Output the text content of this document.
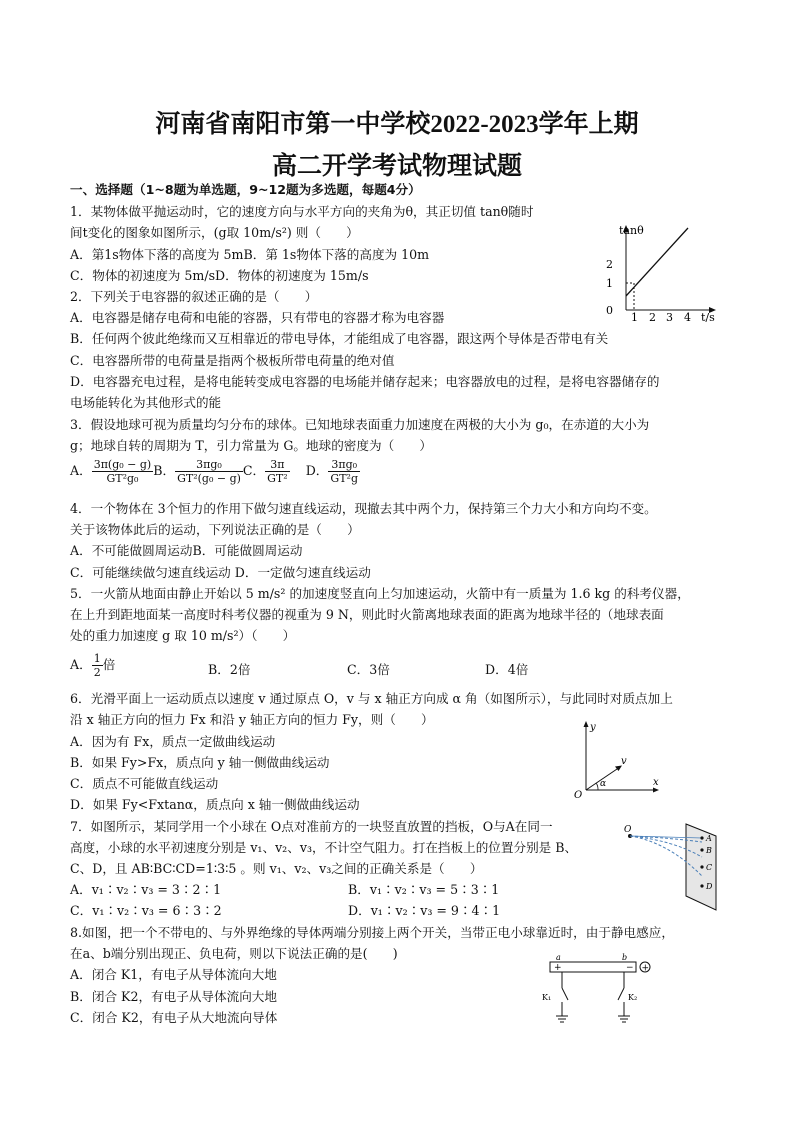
河南省南阳市第一中学校2022-2023学年上期
高二开学考试物理试题
一、选择题（1~8题为单选题，9~12题为多选题，每题4分）
1．某物体做平抛运动时，它的速度方向与水平方向的夹角为θ，其正切值 tanθ随时
间t变化的图象如图所示，(g取 10m/s²) 则（　　）
A．第1s物体下落的高度为 5mB．第 1s物体下落的高度为 10m
C．物体的初速度为 5m/sD．物体的初速度为 15m/s
tanθ
2
1
0
1 2 3 4 t/s
2．下列关于电容器的叙述正确的是（　　）
A．电容器是储存电荷和电能的容器，只有带电的容器才称为电容器
B．任何两个彼此绝缘而又互相靠近的带电导体，才能组成了电容器，跟这两个导体是否带电有关
C．电容器所带的电荷量是指两个极板所带电荷量的绝对值
D．电容器充电过程，是将电能转变成电容器的电场能并储存起来；电容器放电的过程，是将电容器储存的
电场能转化为其他形式的能
3．假设地球可视为质量均匀分布的球体。已知地球表面重力加速度在两极的大小为 g₀，在赤道的大小为
g；地球自转的周期为 T，引力常量为 G。地球的密度为（　　）
A． $\frac{\text{3π(g₀ − g)}}{\text{GT²g₀}}$ B． $\frac{\text{3πg₀}}{\text{GT²(g₀ − g)}}$ C． $\frac{3\pi}{\text{GT²}}$ D． $\frac{\text{3πg₀}}{\text{GT²g}}$
4．一个物体在 3个恒力的作用下做匀速直线运动，现撤去其中两个力，保持第三个力大小和方向均不变。
关于该物体此后的运动，下列说法正确的是（　　）
A．不可能做圆周运动B．可能做圆周运动
C．可能继续做匀速直线运动 D．一定做匀速直线运动
5．一火箭从地面由静止开始以 5 m/s² 的加速度竖直向上匀加速运动，火箭中有一质量为 1.6 kg 的科考仪器，
在上升到距地面某一高度时科考仪器的视重为 9 N，则此时火箭离地球表面的距离为地球半径的（地球表面
处的重力加速度 g 取 10 m/s²）（　　）
A． $\frac{1}{2}$ 倍	B．2倍	C．3倍	D．4倍
6．光滑平面上一运动质点以速度 v 通过原点 O，v 与 x 轴正方向成 α 角（如图所示），与此同时对质点加上
沿 x 轴正方向的恒力 Fx 和沿 y 轴正方向的恒力 Fy，则（　　）
A．因为有 Fx，质点一定做曲线运动
B．如果 Fy>Fx，质点向 y 轴一侧做曲线运动
C．质点不可能做直线运动
D．如果 Fy<Fxtanα，质点向 x 轴一侧做曲线运动
y
x
O
v
α
7．如图所示，某同学用一个小球在 O点对准前方的一块竖直放置的挡板，O与A在同一
高度，小球的水平初速度分别是 v₁、v₂、v₃，不计空气阻力。打在挡板上的位置分别是 B、
C、D，且 AB∶BC∶CD=1∶3∶5 。则 v₁、v₂、v₃之间的正确关系是（　　）
A．v₁∶v₂∶v₃ = 3∶2∶1	B．v₁∶v₂∶v₃ = 5∶3∶1
C．v₁∶v₂∶v₃ = 6∶3∶2	D．v₁∶v₂∶v₃ = 9∶4∶1
O
A
B
C
D
8.如图，把一个不带电的、与外界绝缘的导体两端分别接上两个开关，当带正电小球靠近时，由于静电感应，
在a、b端分别出现正、负电荷，则以下说法正确的是(　　)
A．闭合 K1，有电子从导体流向大地
B．闭合 K2，有电子从导体流向大地
C．闭合 K2，有电子从大地流向导体
+	− +
a	b
K₁	K₂
